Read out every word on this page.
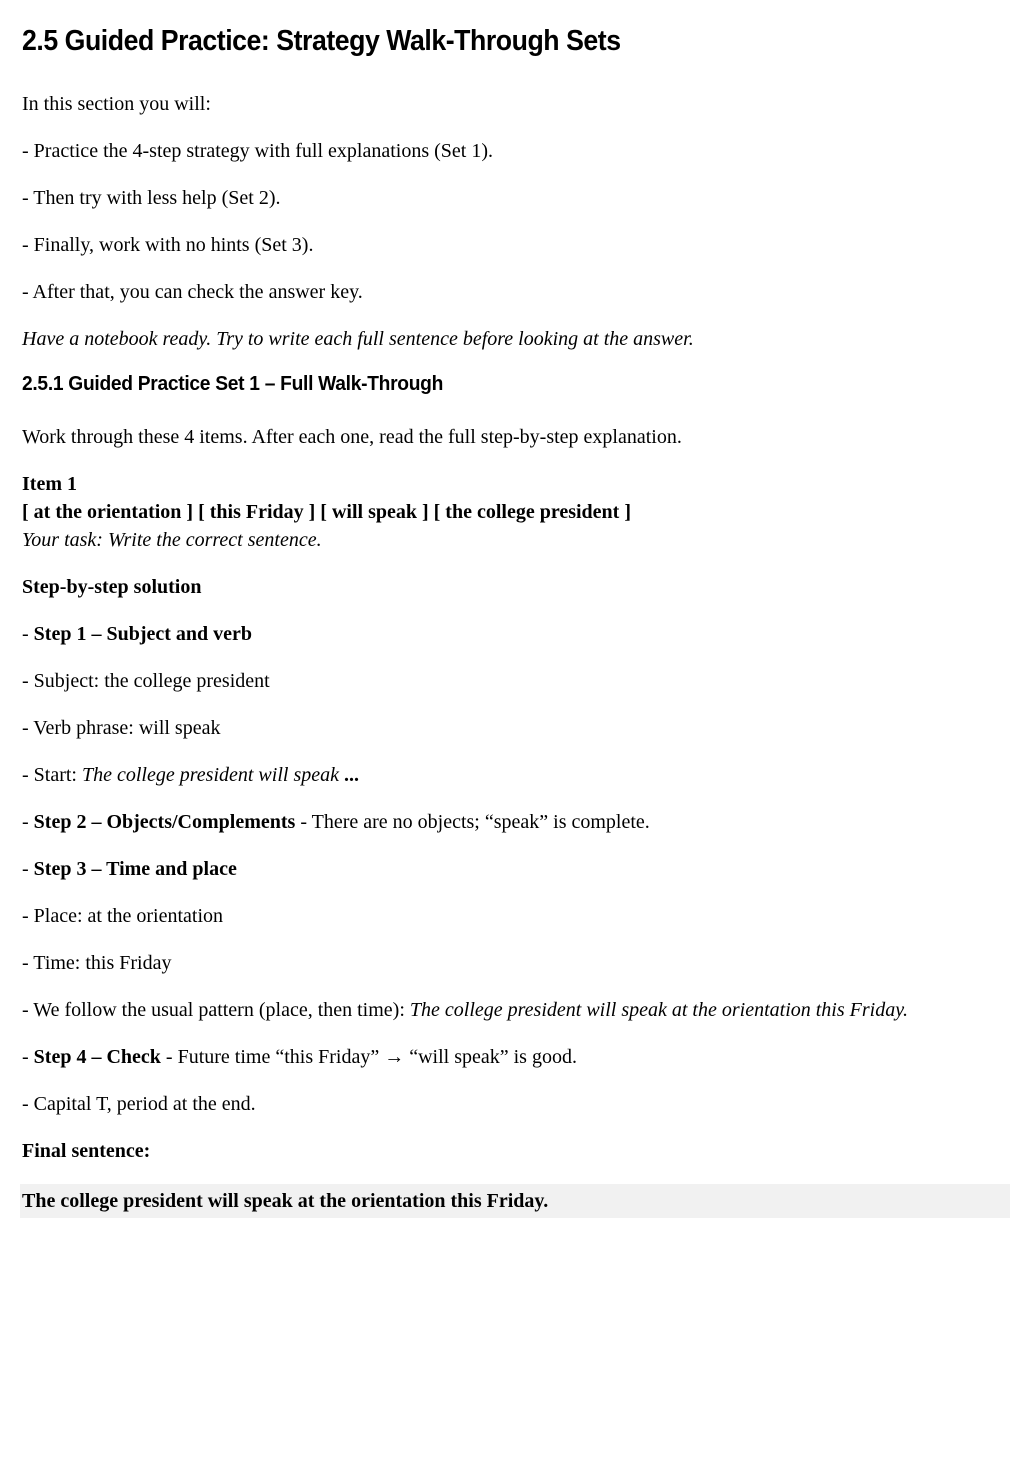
2.5 Guided Practice: Strategy Walk-Through Sets

In this section you will:

- Practice the 4-step strategy with full explanations (Set 1).

- Then try with less help (Set 2).

- Finally, work with no hints (Set 3).

- After that, you can check the answer key.

Have a notebook ready. Try to write each full sentence before looking at the answer.

2.5.1 Guided Practice Set 1 – Full Walk-Through

Work through these 4 items. After each one, read the full step-by-step explanation.

Item 1
[ at the orientation ] [ this Friday ] [ will speak ] [ the college president ]
Your task: Write the correct sentence.

Step-by-step solution

- Step 1 – Subject and verb

- Subject: the college president

- Verb phrase: will speak

- Start: The college president will speak ...

- Step 2 – Objects/Complements - There are no objects; “speak” is complete.

- Step 3 – Time and place

- Place: at the orientation

- Time: this Friday

- We follow the usual pattern (place, then time): The college president will speak at the orientation this Friday.

- Step 4 – Check - Future time “this Friday” → “will speak” is good.

- Capital T, period at the end.

Final sentence:

The college president will speak at the orientation this Friday.
